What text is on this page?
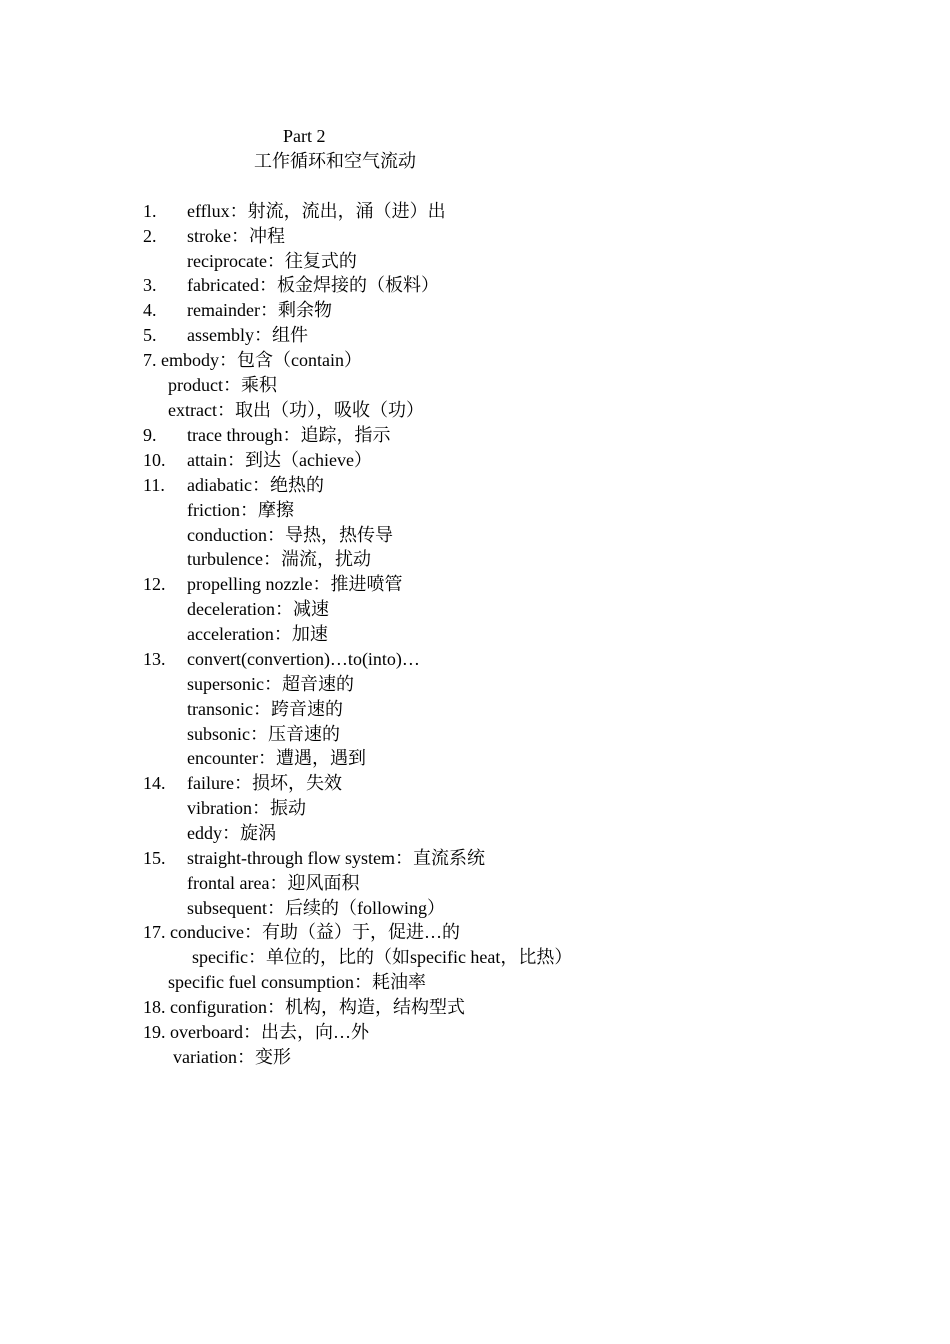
Part 2
工作循环和空气流动
1. efflux：射流，流出，涌（进）出
2. stroke：冲程
reciprocate：往复式的
3. fabricated：板金焊接的（板料）
4. remainder：剩余物
5. assembly：组件
7. embody：包含（contain）
product：乘积
extract：取出（功），吸收（功）
9. trace through：追踪，指示
10. attain：到达（achieve）
11. adiabatic：绝热的
friction：摩擦
conduction：导热，热传导
turbulence：湍流，扰动
12. propelling nozzle：推进喷管
deceleration：减速
acceleration：加速
13. convert(convertion)…to(into)…
supersonic：超音速的
transonic：跨音速的
subsonic：压音速的
encounter：遭遇，遇到
14. failure：损坏，失效
vibration：振动
eddy：旋涡
15. straight-through flow system：直流系统
frontal area：迎风面积
subsequent：后续的（following）
17. conducive：有助（益）于，促进…的
specific：单位的，比的（如specific heat，比热）
specific fuel consumption：耗油率
18. configuration：机构，构造，结构型式
19. overboard：出去，向…外
variation：变形
